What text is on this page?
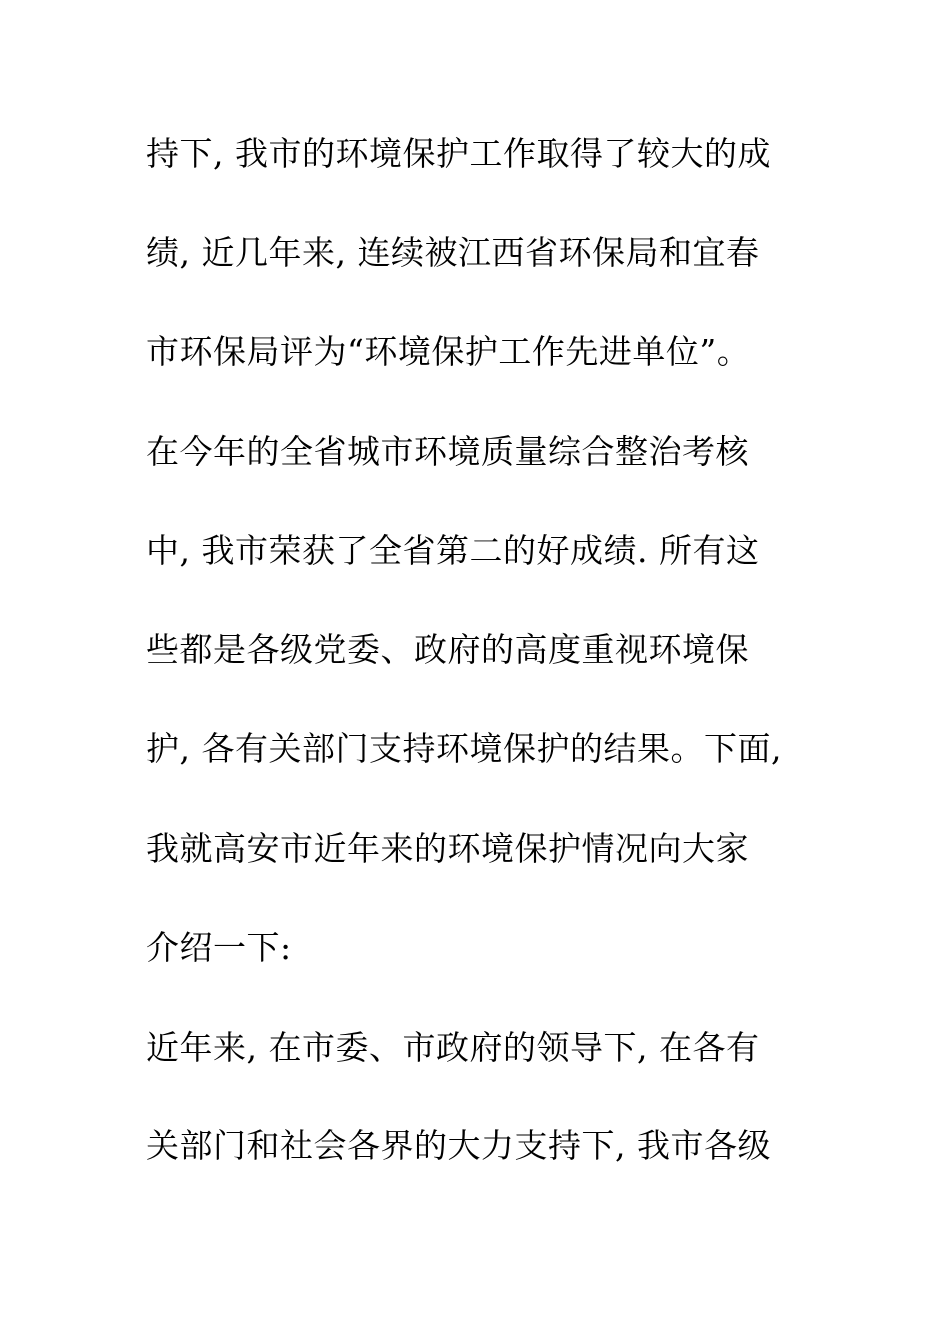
持下, 我市的环境保护工作取得了较大的成
绩, 近几年来, 连续被江西省环保局和宜春
市环保局评为“环境保护工作先进单位”。
在今年的全省城市环境质量综合整治考核
中, 我市荣获了全省第二的好成绩. 所有这
些都是各级党委、政府的高度重视环境保
护, 各有关部门支持环境保护的结果。下面,
我就高安市近年来的环境保护情况向大家
介绍一下:
近年来, 在市委、市政府的领导下, 在各有
关部门和社会各界的大力支持下, 我市各级
